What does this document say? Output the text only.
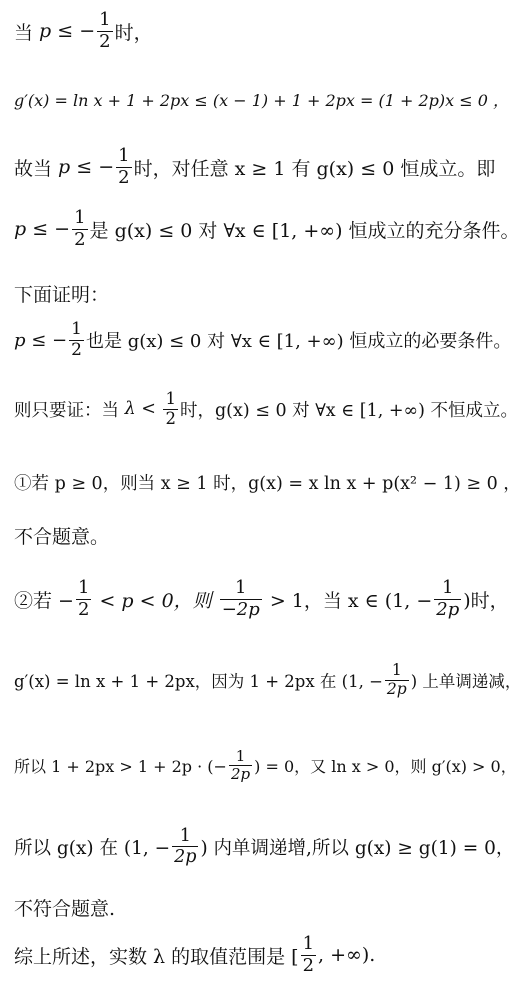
当 p ≤ − $\frac{1}{2}$ 时，
g′(x) = ln x + 1 + 2px ≤ (x − 1) + 1 + 2px = (1 + 2p)x ≤ 0 ，
故当 p ≤ − $\frac{1}{2}$ 时，对任意 x ≥ 1 有 g(x) ≤ 0 恒成立。即
p ≤ − $\frac{1}{2}$ 是 g(x) ≤ 0 对 ∀x ∈ [1, +∞) 恒成立的充分条件。
下面证明：
p ≤ − $\frac{1}{2}$ 也是 g(x) ≤ 0 对 ∀x ∈ [1, +∞) 恒成立的必要条件。
则只要证：当 $\lambda < \frac{1}{2}$ 时，g(x) ≤ 0 对 ∀x ∈ [1, +∞) 不恒成立。
①若 p ≥ 0，则当 x ≥ 1 时，g(x) = x ln x + p(x² − 1) ≥ 0 ，
不合题意。
②若 − $\frac{1}{2} < p < 0$，则 $\frac{1}{-2p} > 1$，当 x ∈ (1, − $\frac{1}{2p}$ )时，
g′(x) = ln x + 1 + 2px，因为 1 + 2px 在 (1, − $\frac{1}{2p}$ ) 上单调递减，
所以 1 + 2px > 1 + 2p · (− $\frac{1}{2p}$ ) = 0，又 ln x > 0，则 g′(x) > 0，
所以 g(x) 在 (1, − $\frac{1}{2p}$ ) 内单调递增,所以 g(x) ≥ g(1) = 0，
不符合题意.
综上所述，实数 λ 的取值范围是 [ $\frac{1}{2}$ , +∞).
